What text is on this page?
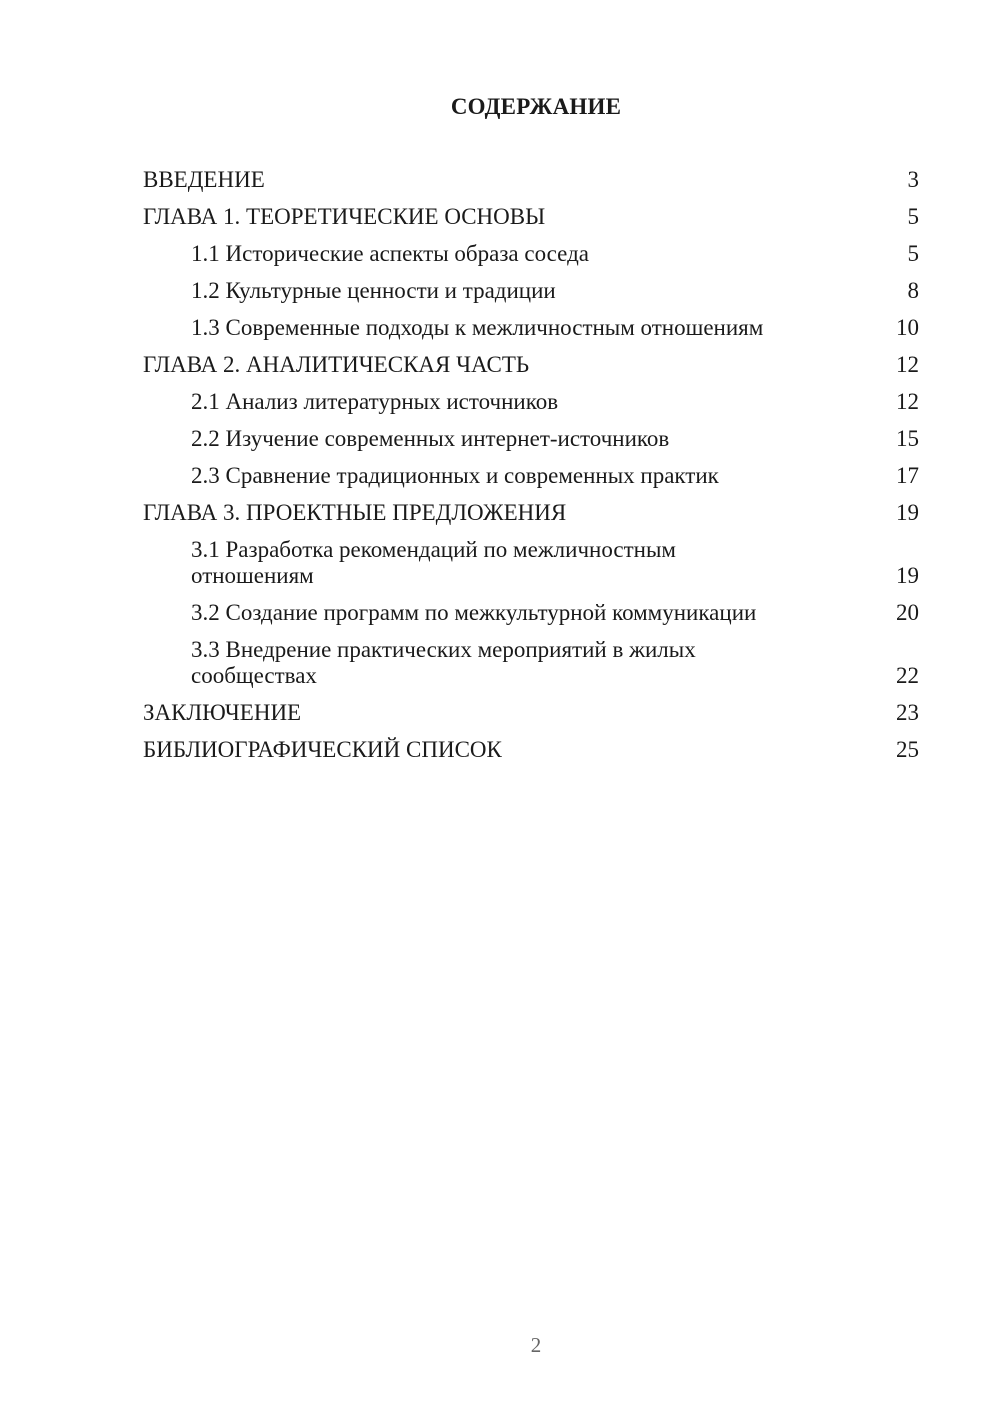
СОДЕРЖАНИЕ
ВВЕДЕНИЕ	3
ГЛАВА 1. ТЕОРЕТИЧЕСКИЕ ОСНОВЫ	5
1.1 Исторические аспекты образа соседа	5
1.2 Культурные ценности и традиции	8
1.3 Современные подходы к межличностным отношениям	10
ГЛАВА 2. АНАЛИТИЧЕСКАЯ ЧАСТЬ	12
2.1 Анализ литературных источников	12
2.2 Изучение современных интернет-источников	15
2.3 Сравнение традиционных и современных практик	17
ГЛАВА 3. ПРОЕКТНЫЕ ПРЕДЛОЖЕНИЯ	19
3.1 Разработка рекомендаций по межличностным отношениям	19
3.2 Создание программ по межкультурной коммуникации	20
3.3 Внедрение практических мероприятий в жилых сообществах	22
ЗАКЛЮЧЕНИЕ	23
БИБЛИОГРАФИЧЕСКИЙ СПИСОК	25
2
